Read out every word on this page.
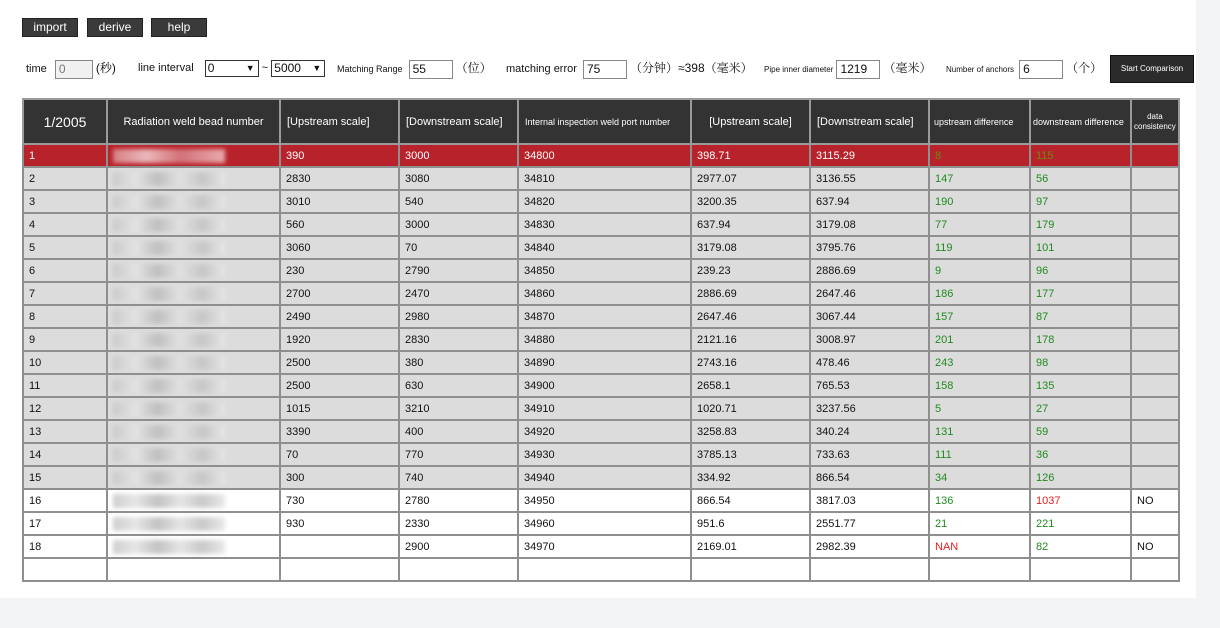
import	derive	help
time 0	(秒) line interval 0	▼ ~ 5000 ▼ Matching Range 55 （位） matching error 75 （分钟）≈398（毫米） Pipe inner diameter 1219 （毫米） Number of anchors 6	（个）	Start Comparison
1/2005	Radiation weld bead number	[Upstream scale]	[Downstream scale]	Internal inspection weld port number	[Upstream scale]	[Downstream scale]	upstream difference	downstream difference	data consistency
1		390	3000	34800	398.71	3115.29	8	115	
2		2830	3080	34810	2977.07	3136.55	147	56	
3		3010	540	34820	3200.35	637.94	190	97	
4		560	3000	34830	637.94	3179.08	77	179	
5		3060	70	34840	3179.08	3795.76	119	101	
6		230	2790	34850	239.23	2886.69	9	96	
7		2700	2470	34860	2886.69	2647.46	186	177	
8		2490	2980	34870	2647.46	3067.44	157	87	
9		1920	2830	34880	2121.16	3008.97	201	178	
10		2500	380	34890	2743.16	478.46	243	98	
11		2500	630	34900	2658.1	765.53	158	135	
12		1015	3210	34910	1020.71	3237.56	5	27	
13		3390	400	34920	3258.83	340.24	131	59	
14		70	770	34930	3785.13	733.63	111	36	
15		300	740	34940	334.92	866.54	34	126	
16		730	2780	34950	866.54	3817.03	136	1037	NO
17		930	2330	34960	951.6	2551.77	21	221	
18			2900	34970	2169.01	2982.39	NAN	82	NO
